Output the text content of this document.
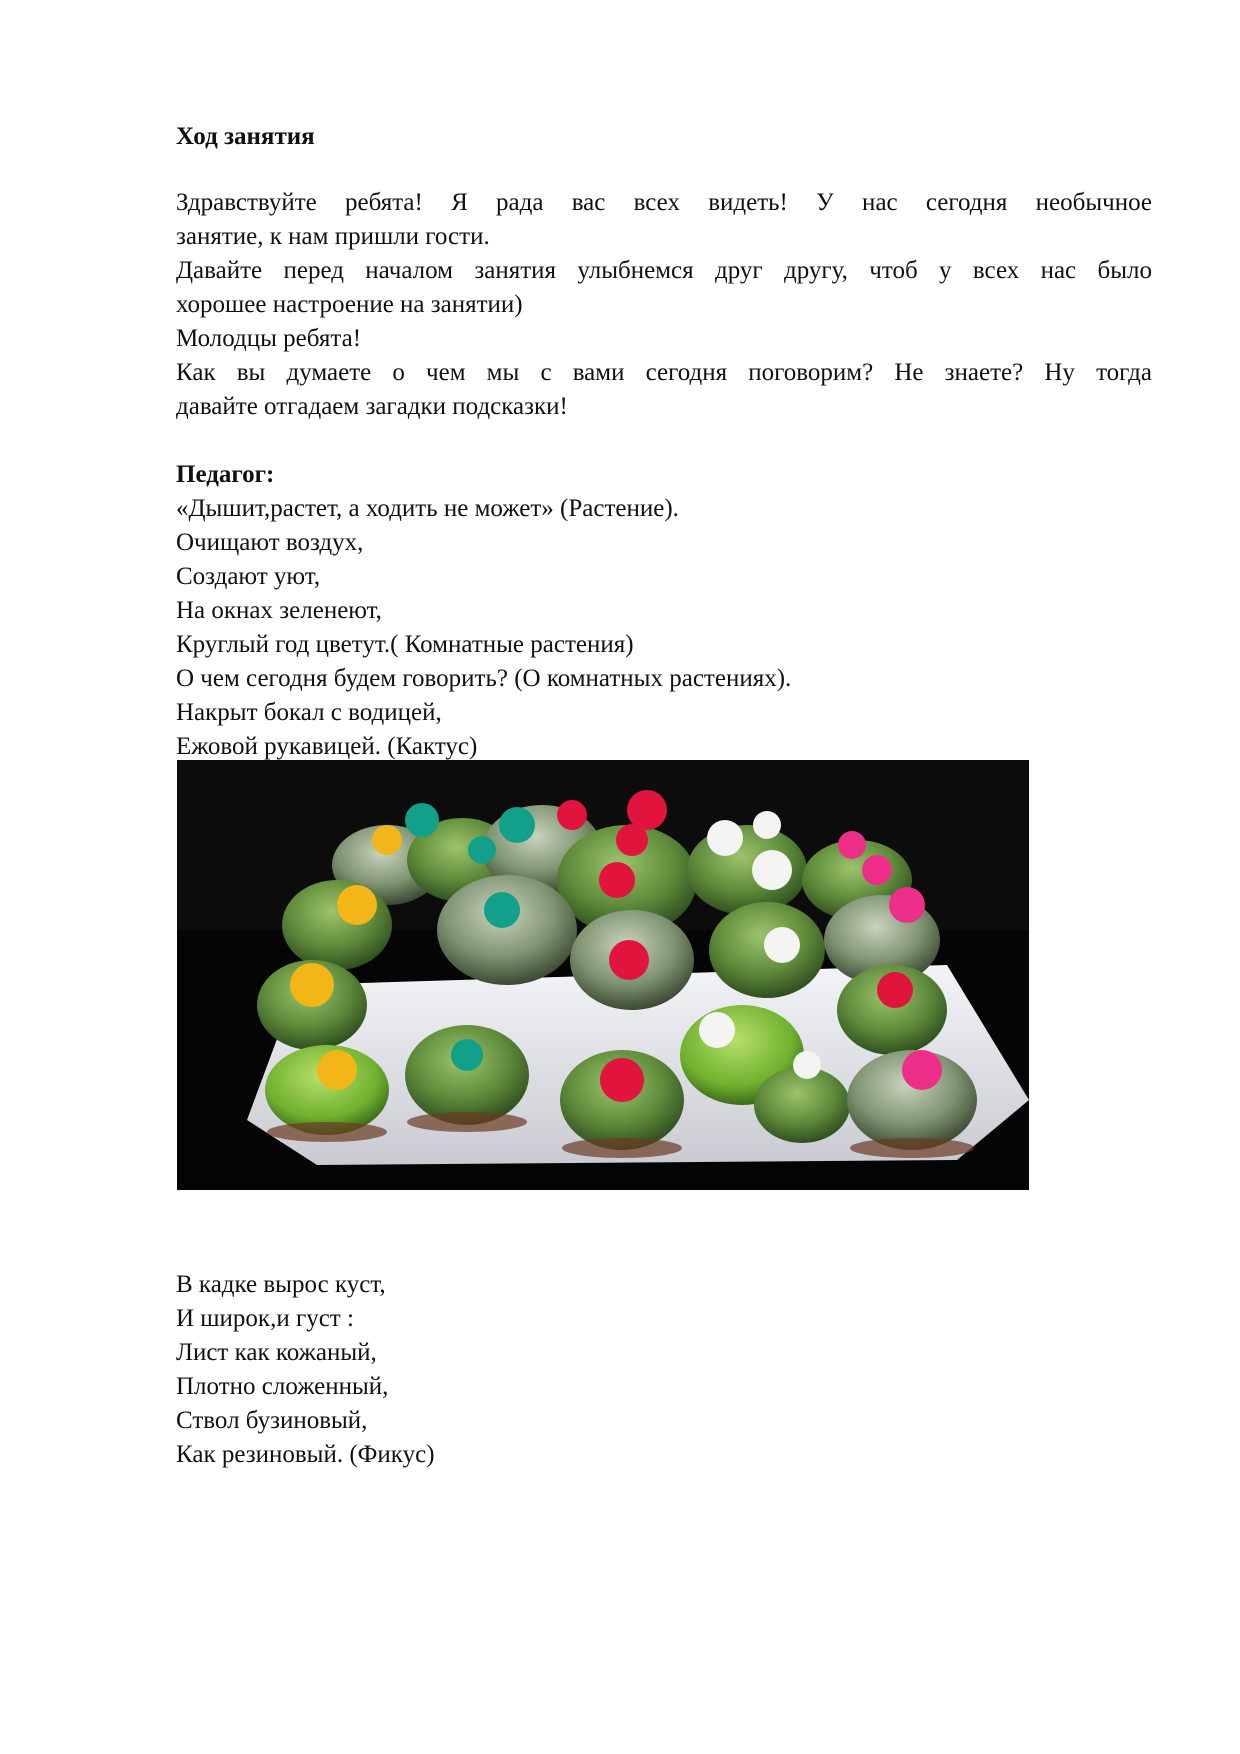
Ход занятия
Здравствуйте ребята! Я рада вас всех видеть! У нас сегодня необычное
занятие, к нам пришли гости.
Давайте перед началом занятия улыбнемся друг другу, чтоб у всех нас было
хорошее настроение на занятии)
Молодцы ребята!
Как вы думаете о чем мы с вами сегодня поговорим? Не знаете? Ну тогда
давайте отгадаем загадки подсказки!
Педагог:
«Дышит,растет, а ходить не может» (Растение).
Очищают воздух,
Создают уют,
На окнах зеленеют,
Круглый год цветут.( Комнатные растения)
О чем сегодня будем говорить? (О комнатных растениях).
Накрыт бокал с водицей,
Ежовой рукавицей. (Кактус)
В кадке вырос куст,
И широк,и густ :
Лист как кожаный,
Плотно сложенный,
Ствол бузиновый,
Как резиновый. (Фикус)
